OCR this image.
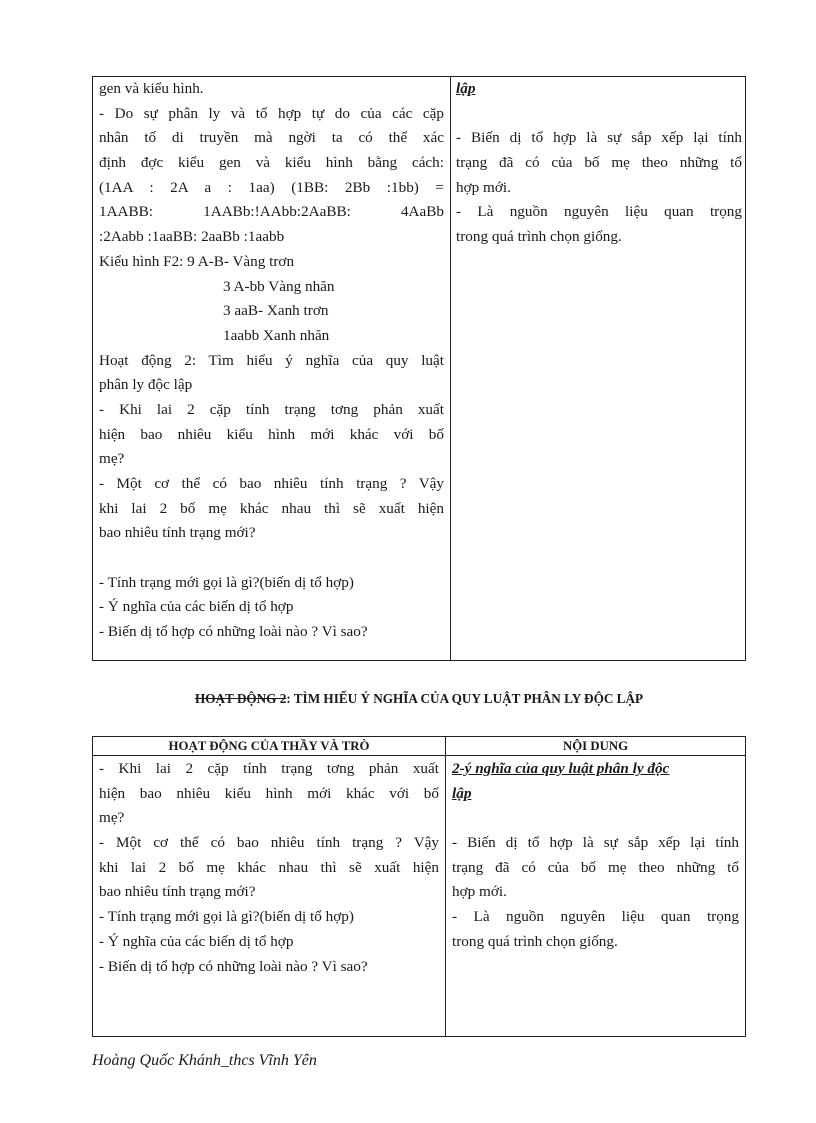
gen và kiểu hình.
- Do sự phân ly và tổ hợp tự do của các cặp
nhân tố di truyền mà ngời ta có thể xác
định đợc kiểu gen và kiểu hình bằng cách:
(1AA : 2A a : 1aa) (1BB: 2Bb :1bb) =
1AABB: 1AABb:!AAbb:2AaBB: 4AaBb
:2Aabb :1aaBB: 2aaBb :1aabb
Kiểu hình F2: 9 A-B- Vàng trơn
3 A-bb Vàng nhăn
3 aaB- Xanh trơn
1aabb Xanh nhăn
Hoạt động 2: Tìm hiểu ý nghĩa của quy luật
phân ly độc lập
- Khi lai 2 cặp tính trạng tơng phản xuất
hiện bao nhiêu kiểu hình mới khác với bố
mẹ?
- Một cơ thể có bao nhiêu tính trạng ? Vậy
khi lai 2 bố mẹ khác nhau thì sẽ xuất hiện
bao nhiêu tính trạng mới?
- Tính trạng mới gọi là gì?(biến dị tổ hợp)
- Ý nghĩa của các biến dị tổ hợp
- Biến dị tổ hợp có những loài nào ? Vì sao?
lập
- Biến dị tổ hợp là sự sắp xếp lại tính
trạng đã có của bố mẹ theo những tổ
hợp mới.
- Là nguồn nguyên liệu quan trọng
trong quá trình chọn giống.
HOẠT ĐỘNG 2: TÌM HIỂU Ý NGHĨA CỦA QUY LUẬT PHÂN LY ĐỘC LẬP
HOẠT ĐỘNG CỦA THẦY VÀ TRÒ	NỘI DUNG
- Khi lai 2 cặp tính trạng tơng phản xuất
hiện bao nhiêu kiểu hình mới khác với bố
mẹ?
- Một cơ thể có bao nhiêu tính trạng ? Vậy
khi lai 2 bố mẹ khác nhau thì sẽ xuất hiện
bao nhiêu tính trạng mới?
- Tính trạng mới gọi là gì?(biến dị tổ hợp)
- Ý nghĩa của các biến dị tổ hợp
- Biến dị tổ hợp có những loài nào ? Vì sao?
2-ý nghĩa của quy luật phân ly độc
lập
- Biến dị tổ hợp là sự sắp xếp lại tính
trạng đã có của bố mẹ theo những tổ
hợp mới.
- Là nguồn nguyên liệu quan trọng
trong quá trình chọn giống.
Hoàng Quốc Khánh_thcs Vĩnh Yên
